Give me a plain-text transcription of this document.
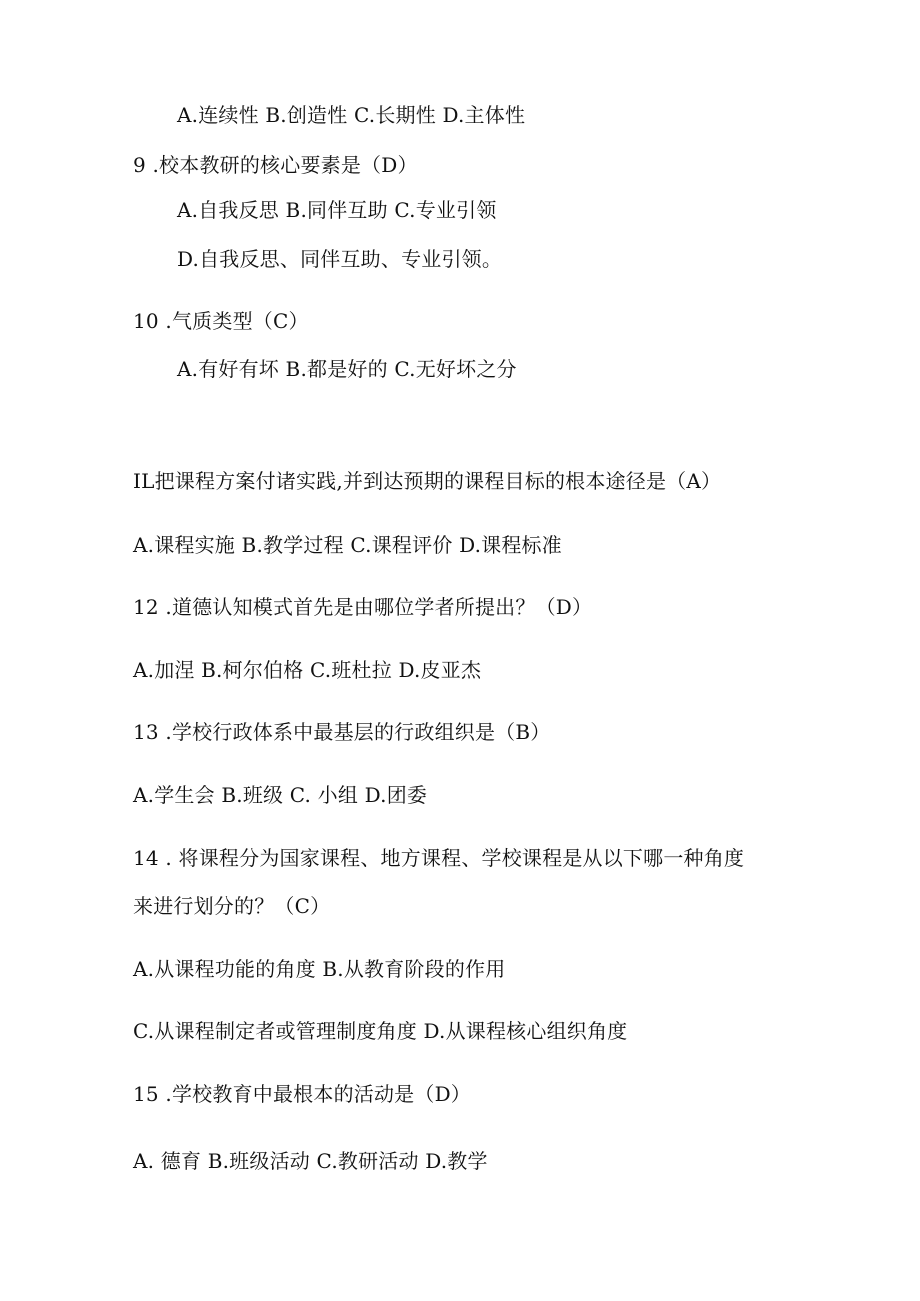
A.连续性 B.创造性 C.长期性 D.主体性
9 .校本教研的核心要素是（D）
A.自我反思 B.同伴互助 C.专业引领
D.自我反思、同伴互助、专业引领。
10 .气质类型（C）
A.有好有坏 B.都是好的 C.无好坏之分
IL把课程方案付诸实践,并到达预期的课程目标的根本途径是（A）
A.课程实施 B.教学过程 C.课程评价 D.课程标准
12 .道德认知模式首先是由哪位学者所提出？（D）
A.加涅 B.柯尔伯格 C.班杜拉 D.皮亚杰
13 .学校行政体系中最基层的行政组织是（B）
A.学生会 B.班级 C. 小组 D.团委
14 . 将课程分为国家课程、地方课程、学校课程是从以下哪一种角度
来进行划分的？（C）
A.从课程功能的角度 B.从教育阶段的作用
C.从课程制定者或管理制度角度 D.从课程核心组织角度
15 .学校教育中最根本的活动是（D）
A. 德育 B.班级活动 C.教研活动 D.教学
